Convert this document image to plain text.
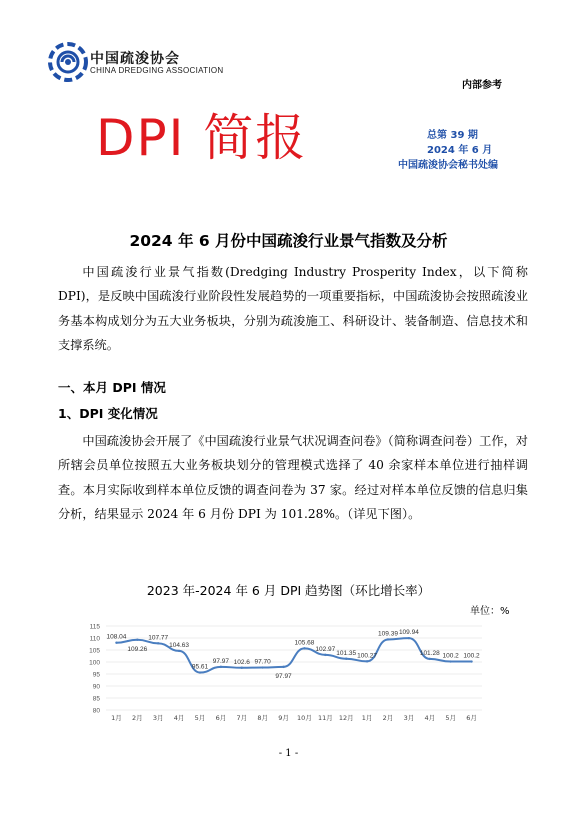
中国疏浚协会
CHINA DREDGING ASSOCIATION
内部参考
DPI 简报	总第 39 期
2024 年 6 月
中国疏浚协会秘书处编
2024 年 6 月份中国疏浚行业景气指数及分析

中国疏浚行业景气指数(Dredging Industry Prosperity Index，以下简称 DPI)，是反映中国疏浚行业阶段性发展趋势的一项重要指标，中国疏浚协会按照疏浚业务基本构成划分为五大业务板块，分别为疏浚施工、科研设计、装备制造、信息技术和支撑系统。

一、本月 DPI 情况
1、DPI 变化情况

中国疏浚协会开展了《中国疏浚行业景气状况调查问卷》（简称调查问卷）工作，对所辖会员单位按照五大业务板块划分的管理模式选择了 40 余家样本单位进行抽样调查。本月实际收到样本单位反馈的调查问卷为 37 家。经过对样本单位反馈的信息归集分析，结果显示 2024 年 6 月份 DPI 为 101.28%。（详见下图）。

2023 年-2024 年 6 月 DPI 趋势图（环比增长率）
单位：%
80
85
90
95
100
105
110
115
1月 2月 3月 4月 5月 6月 7月 8月 9月 10月 11月 12月 1月 2月 3月 4月 5月 6月
108.04
109.26
107.77
104.63
95.61
97.97 102.6 97.70
97.97
105.68
102.97
101.35 100.27
109.39 109.94
101.28 100.2 100.2
- 1 -
